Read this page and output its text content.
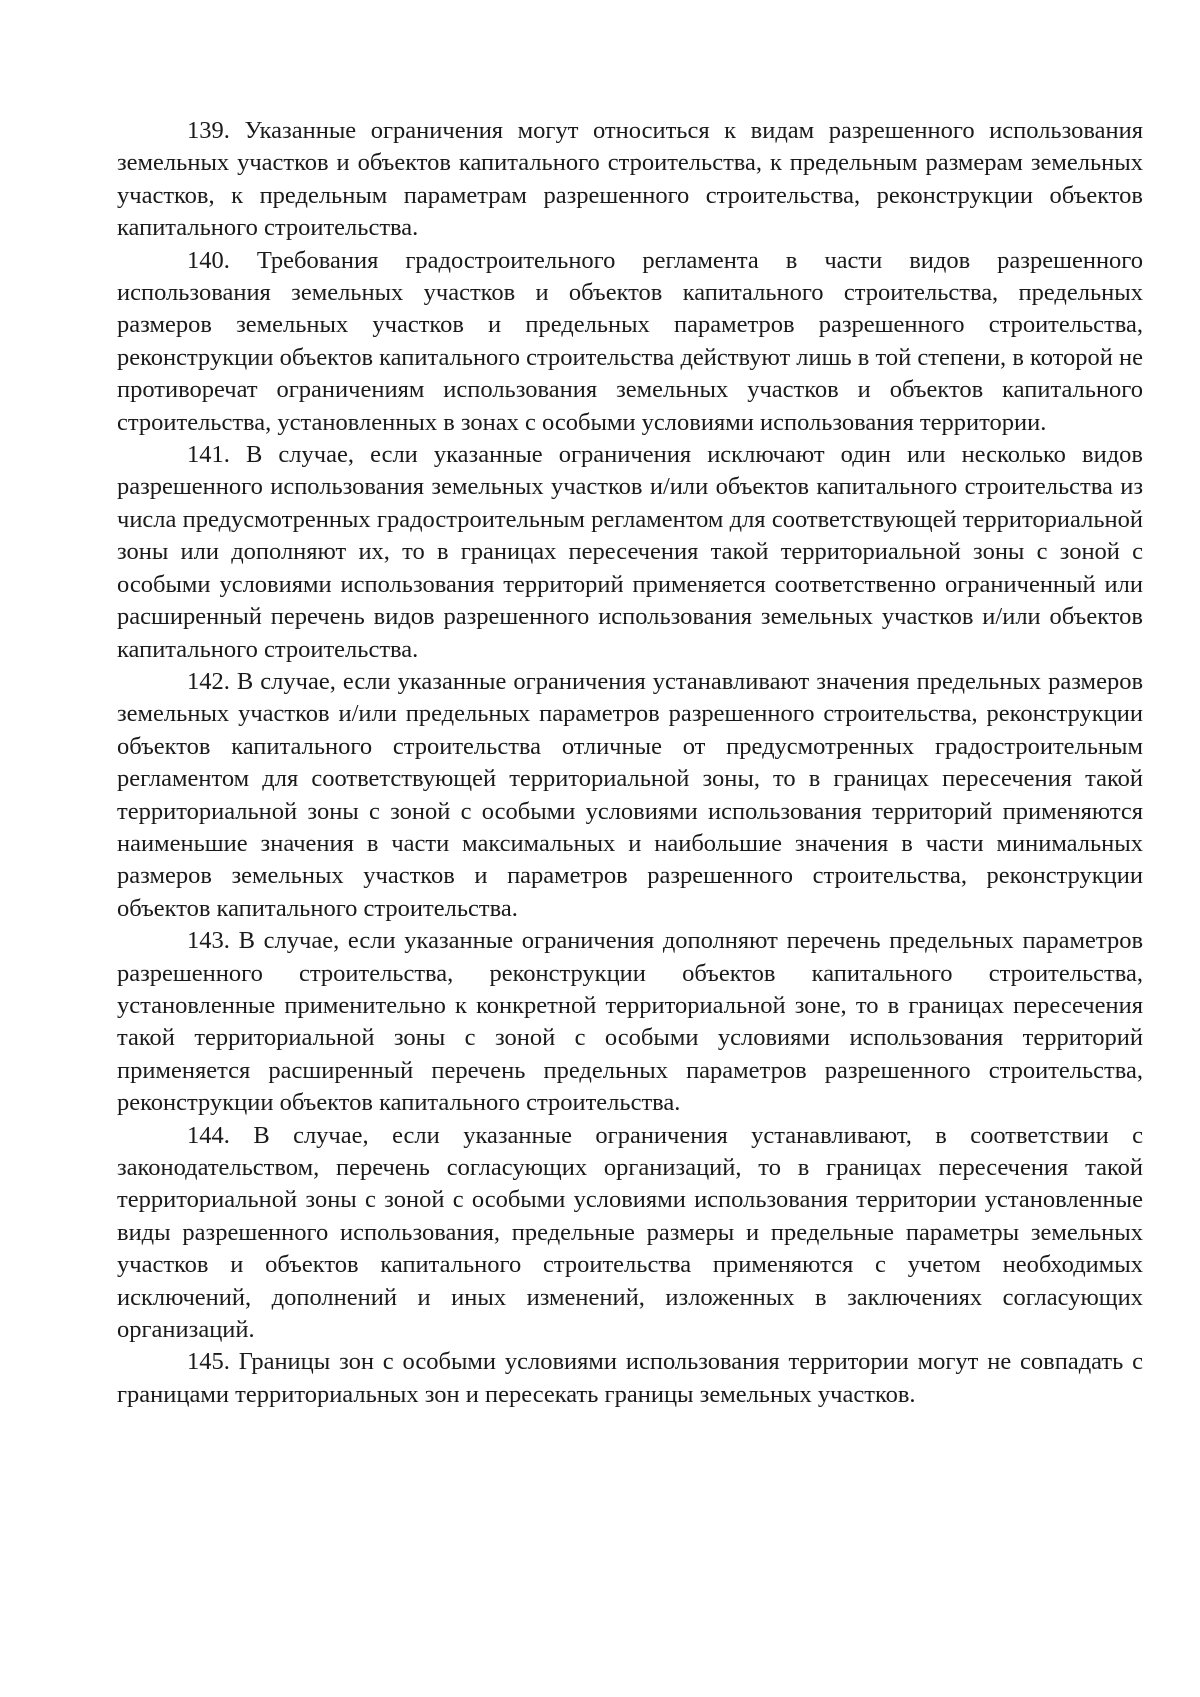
139. Указанные ограничения могут относиться к видам разрешенного использования земельных участков и объектов капитального строительства, к предельным размерам земельных участков, к предельным параметрам разрешенного строительства, реконструкции объектов капитального строительства.

140. Требования градостроительного регламента в части видов разрешенного использования земельных участков и объектов капитального строительства, предельных размеров земельных участков и предельных параметров разрешенного строительства, реконструкции объектов капитального строительства действуют лишь в той степени, в которой не противоречат ограничениям использования земельных участков и объектов капитального строительства, установленных в зонах с особыми условиями использования территории.

141. В случае, если указанные ограничения исключают один или несколько видов разрешенного использования земельных участков и/или объектов капитального строительства из числа предусмотренных градостроительным регламентом для соответствующей территориальной зоны или дополняют их, то в границах пересечения такой территориальной зоны с зоной с особыми условиями использования территорий применяется соответственно ограниченный или расширенный перечень видов разрешенного использования земельных участков и/или объектов капитального строительства.

142. В случае, если указанные ограничения устанавливают значения предельных размеров земельных участков и/или предельных параметров разрешенного строительства, реконструкции объектов капитального строительства отличные от предусмотренных градостроительным регламентом для соответствующей территориальной зоны, то в границах пересечения такой территориальной зоны с зоной с особыми условиями использования территорий применяются наименьшие значения в части максимальных и наибольшие значения в части минимальных размеров земельных участков и параметров разрешенного строительства, реконструкции объектов капитального строительства.

143. В случае, если указанные ограничения дополняют перечень предельных параметров разрешенного строительства, реконструкции объектов капитального строительства, установленные применительно к конкретной территориальной зоне, то в границах пересечения такой территориальной зоны с зоной с особыми условиями использования территорий применяется расширенный перечень предельных параметров разрешенного строительства, реконструкции объектов капитального строительства.

144. В случае, если указанные ограничения устанавливают, в соответствии с законодательством, перечень согласующих организаций, то в границах пересечения такой территориальной зоны с зоной с особыми условиями использования территории установленные виды разрешенного использования, предельные размеры и предельные параметры земельных участков и объектов капитального строительства применяются с учетом необходимых исключений, дополнений и иных изменений, изложенных в заключениях согласующих организаций.

145. Границы зон с особыми условиями использования территории могут не совпадать с границами территориальных зон и пересекать границы земельных участков.
